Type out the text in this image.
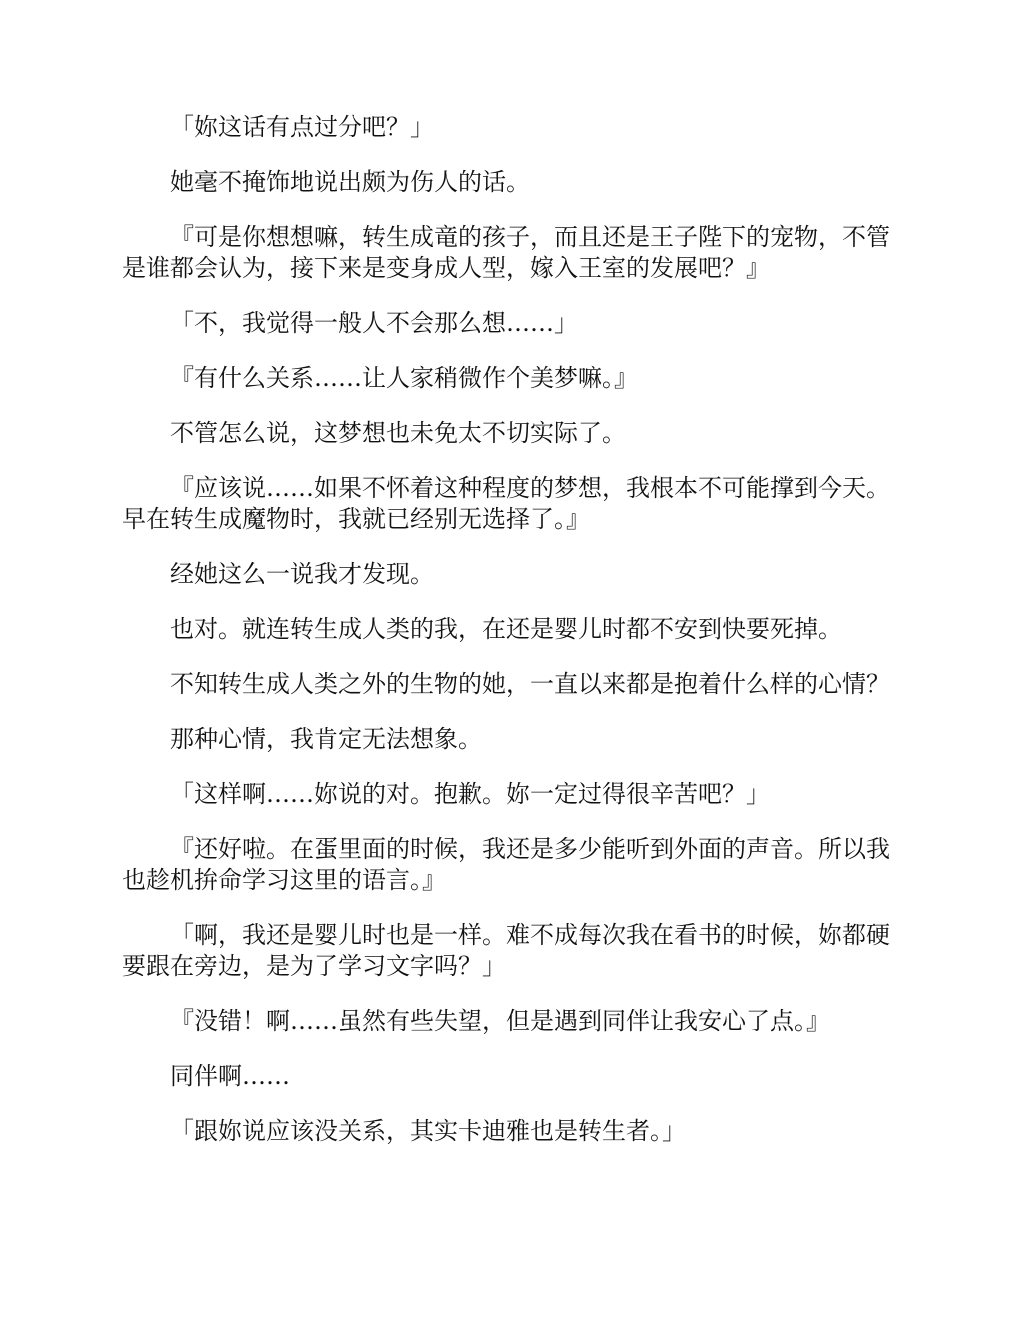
「妳这话有点过分吧？」

她毫不掩饰地说出颇为伤人的话。

『可是你想想嘛，转生成竜的孩子，而且还是王子陛下的宠物，不管是谁都会认为，接下来是变身成人型，嫁入王室的发展吧？』

「不，我觉得一般人不会那么想……」

『有什么关系……让人家稍微作个美梦嘛。』

不管怎么说，这梦想也未免太不切实际了。

『应该说……如果不怀着这种程度的梦想，我根本不可能撑到今天。早在转生成魔物时，我就已经别无选择了。』

经她这么一说我才发现。

也对。就连转生成人类的我，在还是婴儿时都不安到快要死掉。

不知转生成人类之外的生物的她，一直以来都是抱着什么样的心情？

那种心情，我肯定无法想象。

「这样啊……妳说的对。抱歉。妳一定过得很辛苦吧？」

『还好啦。在蛋里面的时候，我还是多少能听到外面的声音。所以我也趁机拚命学习这里的语言。』

「啊，我还是婴儿时也是一样。难不成每次我在看书的时候，妳都硬要跟在旁边，是为了学习文字吗？」

『没错！啊……虽然有些失望，但是遇到同伴让我安心了点。』

同伴啊……

「跟妳说应该没关系，其实卡迪雅也是转生者。」
